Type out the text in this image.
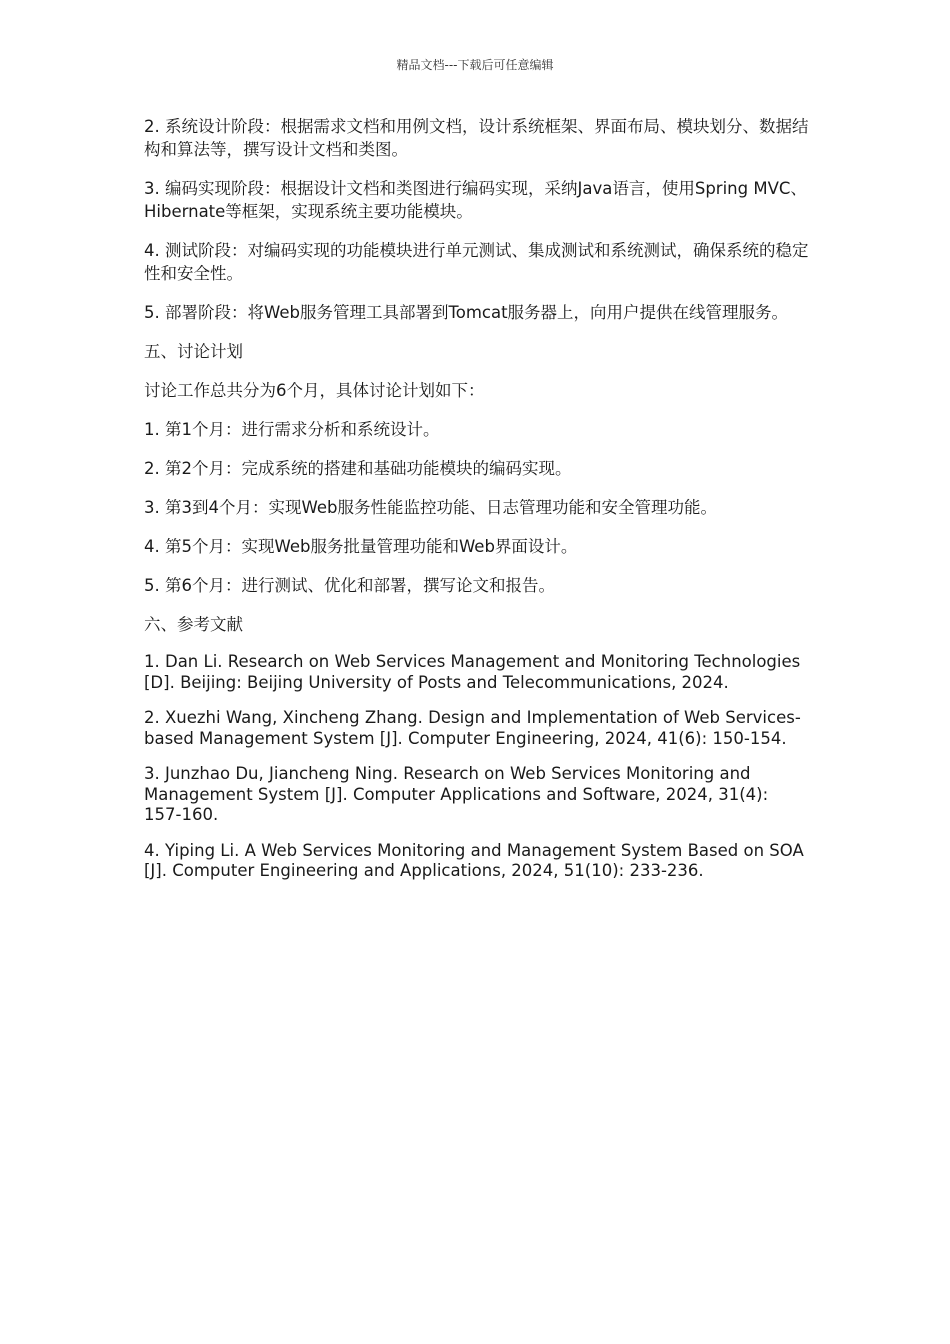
精品文档---下载后可任意编辑

2. 系统设计阶段：根据需求文档和用例文档，设计系统框架、界面布局、模块划分、数据结构和算法等，撰写设计文档和类图。

3. 编码实现阶段：根据设计文档和类图进行编码实现，采纳Java语言，使用Spring MVC、Hibernate等框架，实现系统主要功能模块。

4. 测试阶段：对编码实现的功能模块进行单元测试、集成测试和系统测试，确保系统的稳定性和安全性。

5. 部署阶段：将Web服务管理工具部署到Tomcat服务器上，向用户提供在线管理服务。

五、讨论计划

讨论工作总共分为6个月，具体讨论计划如下：

1. 第1个月：进行需求分析和系统设计。

2. 第2个月：完成系统的搭建和基础功能模块的编码实现。

3. 第3到4个月：实现Web服务性能监控功能、日志管理功能和安全管理功能。

4. 第5个月：实现Web服务批量管理功能和Web界面设计。

5. 第6个月：进行测试、优化和部署，撰写论文和报告。

六、参考文献

1. Dan Li. Research on Web Services Management and Monitoring Technologies [D]. Beijing: Beijing University of Posts and Telecommunications, 2024.

2. Xuezhi Wang, Xincheng Zhang. Design and Implementation of Web Services-based Management System [J]. Computer Engineering, 2024, 41(6): 150-154.

3. Junzhao Du, Jiancheng Ning. Research on Web Services Monitoring and Management System [J]. Computer Applications and Software, 2024, 31(4): 157-160.

4. Yiping Li. A Web Services Monitoring and Management System Based on SOA [J]. Computer Engineering and Applications, 2024, 51(10): 233-236.
